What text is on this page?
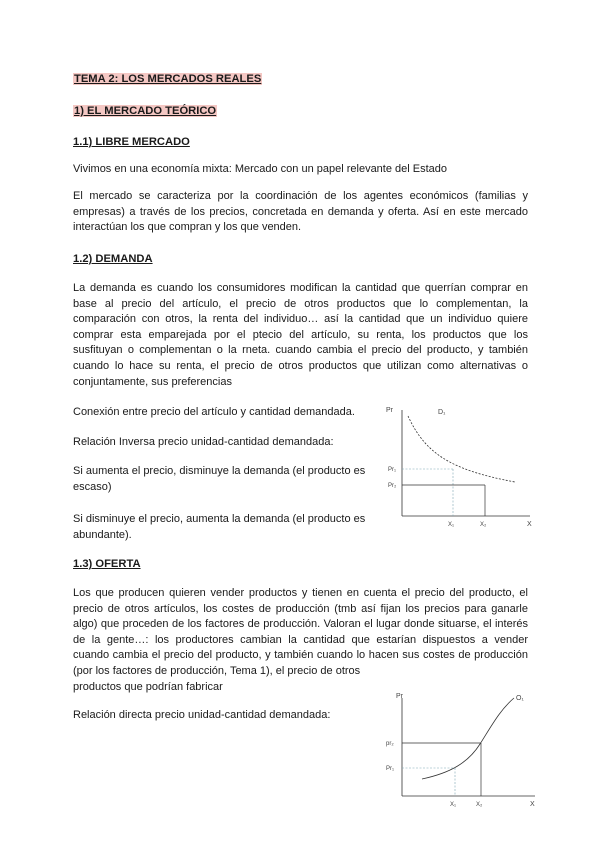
TEMA 2: LOS MERCADOS REALES
1) EL MERCADO TEÓRICO
1.1) LIBRE MERCADO

Vivimos en una economía mixta: Mercado con un papel relevante del Estado

El mercado se caracteriza por la coordinación de los agentes económicos (familias y
empresas) a través de los precios, concretada en demanda y oferta. Así en este mercado
interactúan los que compran y los que venden.

1.2) DEMANDA

La demanda es cuando los consumidores modifican la cantidad que querrían comprar en
base al precio del artículo, el precio de otros productos que lo complementan, la
comparación con otros, la renta del individuo… así la cantidad que un individuo quiere
comprar esta emparejada por el ptecio del artículo, su renta, los productos que los
susfituyan o complementan o la rneta. cuando cambia el precio del producto, y también
cuando lo hace su renta, el precio de otros productos que utilizan como alternativas o
conjuntamente, sus preferencias

Conexión entre precio del artículo y cantidad demandada.

Relación Inversa precio unidad-cantidad demandada:

Si aumenta el precio, disminuye la demanda (el producto es
escaso)

Si disminuye el precio, aumenta la demanda (el producto es
abundante).

Pr	D₁
Pr₁
Pr₂
X₁	X₂	X
1.3) OFERTA

Los que producen quieren vender productos y tienen en cuenta el precio del producto, el
precio de otros artículos, los costes de producción (tmb así fijan los precios para ganarle
algo) que proceden de los factores de producción. Valoran el lugar donde situarse, el interés
de la gente…: los productores cambian la cantidad que estarían dispuestos a vender
cuando cambia el precio del producto, y también cuando lo hacen sus costes de producción
(por los factores de producción, Tema 1), el precio de otros
productos que podrían fabricar

Relación directa precio unidad-cantidad demandada:

Pr	O₁
pr₂
Pr₁
X₁	X₂	X
